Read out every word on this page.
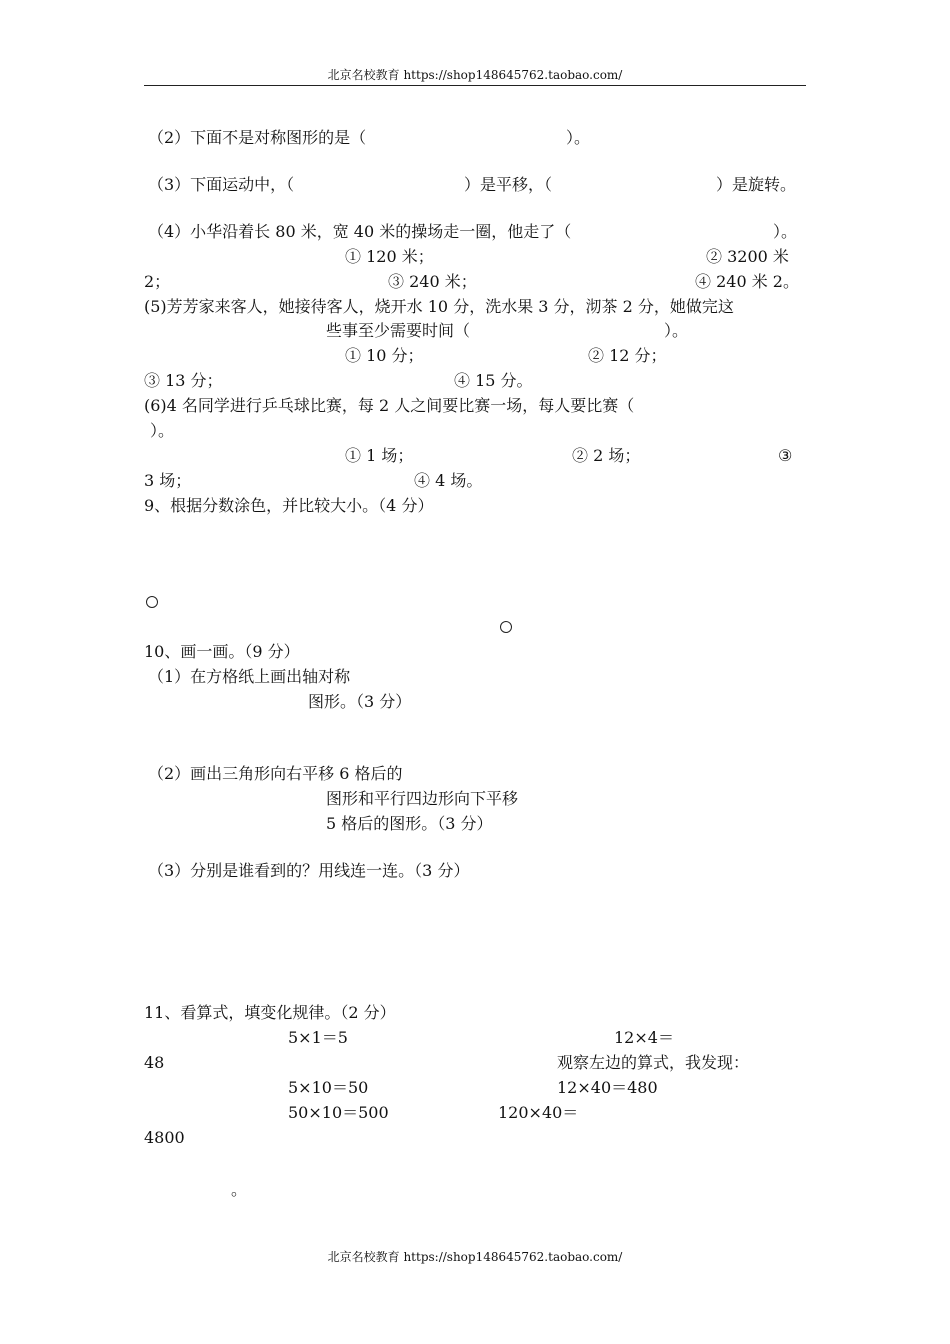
北京名校教育 https://shop148645762.taobao.com/
（2）下面不是对称图形的是（	）。
（3）下面运动中，（	）是平移，（	）是旋转。
（4）小华沿着长 80 米，宽 40 米的操场走一圈，他走了（	）。
① 120 米；	② 3200 米
2；	③ 240 米；	④ 240 米 2。
(5)芳芳家来客人，她接待客人，烧开水 10 分，洗水果 3 分，沏茶 2 分，她做完这
些事至少需要时间（	）。
① 10 分；	② 12 分；
③ 13 分；	④ 15 分。
(6)4 名同学进行乒乓球比赛，每 2 人之间要比赛一场，每人要比赛（
）。
① 1 场；	② 2 场；	③
3 场；	④ 4 场。
9、根据分数涂色，并比较大小。（4 分）
10、画一画。（9 分）
（1）在方格纸上画出轴对称
图形。（3 分）
（2）画出三角形向右平移 6 格后的
图形和平行四边形向下平移
5 格后的图形。（3 分）
（3）分别是谁看到的？用线连一连。（3 分）
11、看算式，填变化规律。（2 分）
5×1＝5	12×4＝
48	观察左边的算式，我发现：
5×10＝50	12×40＝480
50×10＝500	120×40＝
4800
。
北京名校教育 https://shop148645762.taobao.com/
